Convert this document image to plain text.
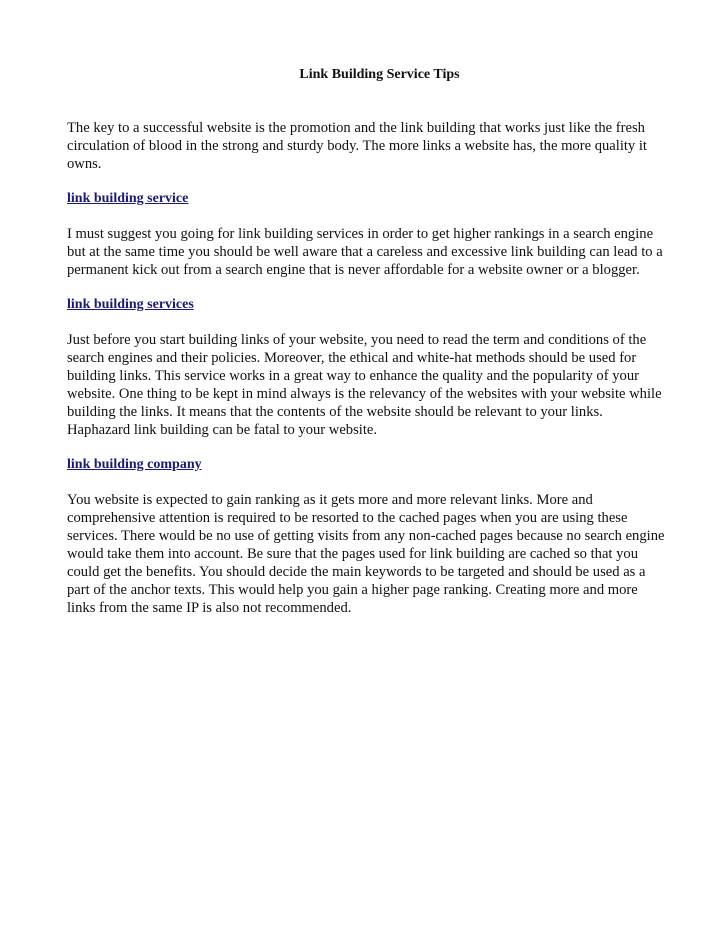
Link Building Service Tips

The key to a successful website is the promotion and the link building that works just like the fresh circulation of blood in the strong and sturdy body. The more links a website has, the more quality it owns.

link building service

I must suggest you going for link building services in order to get higher rankings in a search engine but at the same time you should be well aware that a careless and excessive link building can lead to a permanent kick out from a search engine that is never affordable for a website owner or a blogger.

link building services

Just before you start building links of your website, you need to read the term and conditions of the search engines and their policies. Moreover, the ethical and white-hat methods should be used for building links. This service works in a great way to enhance the quality and the popularity of your website. One thing to be kept in mind always is the relevancy of the websites with your website while building the links. It means that the contents of the website should be relevant to your links. Haphazard link building can be fatal to your website.

link building company

You website is expected to gain ranking as it gets more and more relevant links. More and comprehensive attention is required to be resorted to the cached pages when you are using these services. There would be no use of getting visits from any non-cached pages because no search engine would take them into account. Be sure that the pages used for link building are cached so that you could get the benefits. You should decide the main keywords to be targeted and should be used as a part of the anchor texts. This would help you gain a higher page ranking. Creating more and more links from the same IP is also not recommended.
